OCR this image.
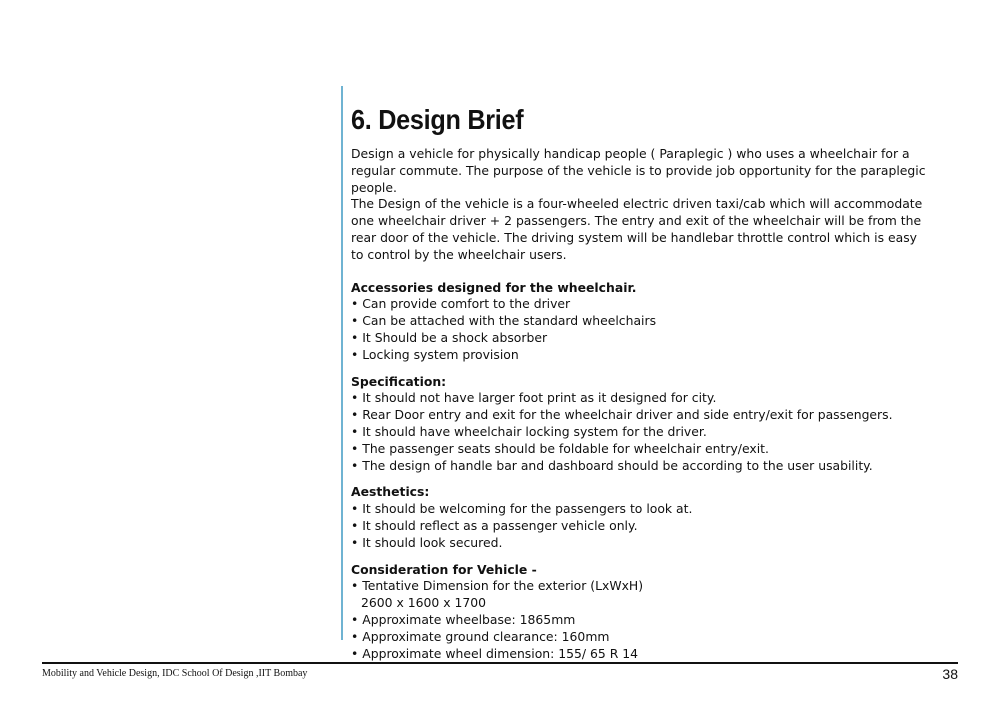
6. Design Brief

Design a vehicle for physically handicap people ( Paraplegic ) who uses a wheelchair for a regular commute. The purpose of the vehicle is to provide job opportunity for the paraplegic people.

The Design of the vehicle is a four-wheeled electric driven taxi/cab which will accommodate one wheelchair driver + 2 passengers. The entry and exit of the wheelchair will be from the rear door of the vehicle. The driving system will be handlebar throttle control which is easy to control by the wheelchair users.

Accessories designed for the wheelchair.

• Can provide comfort to the driver
• Can be attached with the standard wheelchairs
• It Should be a shock absorber
• Locking system provision

Specification:

• It should not have larger foot print as it designed for city.
• Rear Door entry and exit for the wheelchair driver and side entry/exit for passengers.
• It should have wheelchair locking system for the driver.
• The passenger seats should be foldable for wheelchair entry/exit.
• The design of handle bar and dashboard should be according to the user usability.

Aesthetics:

• It should be welcoming for the passengers to look at.
• It should reflect as a passenger vehicle only.
• It should look secured.

Consideration for Vehicle -

• Tentative Dimension for the exterior (LxWxH)
2600 x 1600 x 1700
• Approximate wheelbase: 1865mm
• Approximate ground clearance: 160mm
• Approximate wheel dimension: 155/ 65 R 14
Mobility and Vehicle Design, IDC School Of Design ,IIT Bombay	38
